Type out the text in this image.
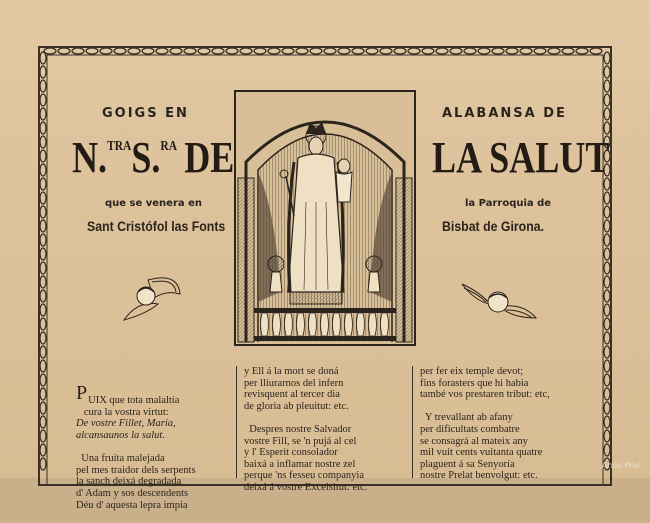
GOIGS EN
N.$^{TRA}$S.$^{RA}$  DE
que se venera en
Sant Cristófol las Fonts
ALABANSA DE
LA SALUT
la Parroquia de
Bisbat de Girona.

P UIX que tota malaltía
cura la vostra virtut:
De vostre Fillet, María,
alcansaunos la salut.

Una fruita malejada
pel mes traidor dels serpents
la sanch deixá degradada
d' Adam y sos descendents
Déu d' aquesta lepra impia

y Ell á la mort se doná
per lliurarnos del infern
revisquent al tercer dia
de gloria ab pleuitut: etc.

Despres nostre Salvador
vostre Fill, se 'n pujá al cel
y l' Esperit consolador
baixá a inflamar nostre zel
perque 'ns fesseu companyia
deixá á vostre Excelsitut: etc.
per fer eix temple devot;
fins forasters que hi habia
també vos prestaren tribut: etc,

Y trevallant ab afany
per dificultats combatre
se consagrá al mateix any
mil vuit cents vuitanta quatre
plaguent á sa Senyoría
nostre Prelat benvolgut: etc.
Arxiu Pruí
